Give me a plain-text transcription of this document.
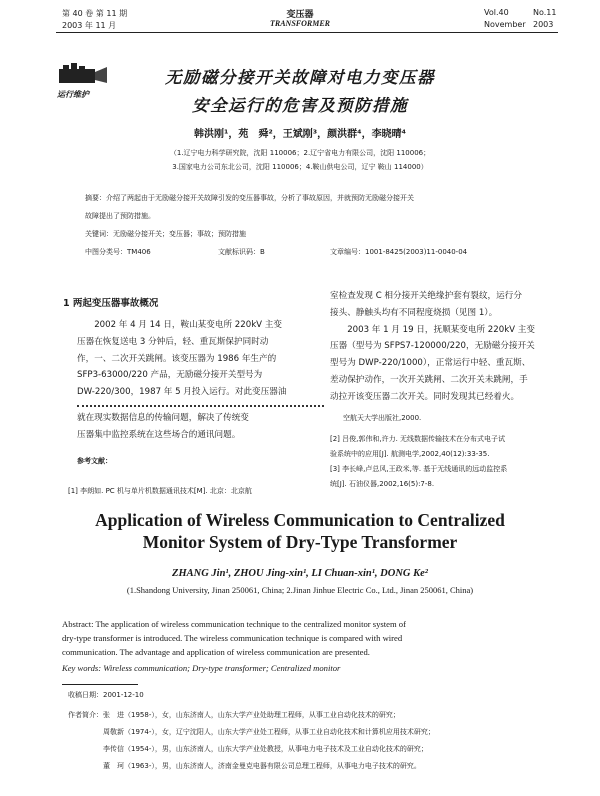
第 40 卷 第 11 期
2003 年 11 月
变压器
TRANSFORMER
Vol.40	No.11
November 2003
运行维护
无励磁分接开关故障对电力变压器
安全运行的危害及预防措施
韩洪刚¹，苑　舜²，王斌刚³，颜洪群⁴，李晓晴⁴
（1.辽宁电力科学研究院，沈阳 110006；2.辽宁省电力有限公司，沈阳 110006；
3.国家电力公司东北公司，沈阳 110006；4.鞍山供电公司，辽宁 鞍山 114000）
摘要：介绍了两起由于无励磁分接开关故障引发的变压器事故，分析了事故原因，并就预防无励磁分接开关
故障提出了预防措施。
关键词：无励磁分接开关；变压器；事故；预防措施
中图分类号：TM406	文献标识码：B	文章编号：1001-8425(2003)11-0040-04
1 两起变压器事故概况
　　2002 年 4 月 14 日，鞍山某变电所 220kV 主变
压器在恢复送电 3 分钟后，轻、重瓦斯保护同时动
作，一、二次开关跳闸。该变压器为 1986 年生产的
SFP3-63000/220 产品，无励磁分接开关型号为
DW-220/300，1987 年 5 月投入运行。对此变压器油
就在现实数据信息的传输问题，解决了传统变
压器集中监控系统在这些场合的通讯问题。
参考文献：
[1] 李朗如. PC 机与单片机数据通讯技术[M]. 北京：北京航
室检查发现 C 相分接开关绝缘护套有裂纹，运行分
接头、静触头均有不同程度烧损（见图 1）。
　　2003 年 1 月 19 日，抚顺某变电所 220kV 主变
压器（型号为 SFPS7-120000/220，无励磁分接开关
型号为 DWP-220/1000），正常运行中轻、重瓦斯、
差动保护动作，一次开关跳闸、二次开关未跳闸，手
动拉开该变压器二次开关。同时发现其已经着火。
空航天大学出版社,2000.
[2] 吕俊,郭伟和,许力. 无线数据传输技术在分布式电子试
验系统中的应用[J]. 航测电学,2002,40(12):33-35.
[3] 李长峰,卢总风,王政米,等. 基于无线通讯的远动监控系
统[J]. 石油仪器,2002,16(5):7-8.
Application of Wireless Communication to Centralized
Monitor System of Dry-Type Transformer
ZHANG Jin¹, ZHOU Jing-xin¹, LI Chuan-xin¹, DONG Ke²
(1.Shandong University, Jinan 250061, China; 2.Jinan Jinhue Electric Co., Ltd., Jinan 250061, China)
Abstract: The application of wireless communication technique to the centralized monitor system of
dry-type transformer is introduced. The wireless communication technique is compared with wired
communication. The advantage and application of wireless communication are presented.
Key words: Wireless communication; Dry-type transformer; Centralized monitor
收稿日期：2001-12-10
作者简介：张　进（1958-），女，山东济南人，山东大学产业处助理工程师，从事工业自动化技术的研究；
　　　　　周敬新（1974-），女，辽宁沈阳人，山东大学产业处工程师，从事工业自动化技术和计算机应用技术研究；
　　　　　李传信（1954-），男，山东济南人，山东大学产业处教授，从事电力电子技术及工业自动化技术的研究；
　　　　　董　珂（1963-），男，山东济南人，济南金曼克电器有限公司总理工程师，从事电力电子技术的研究。
